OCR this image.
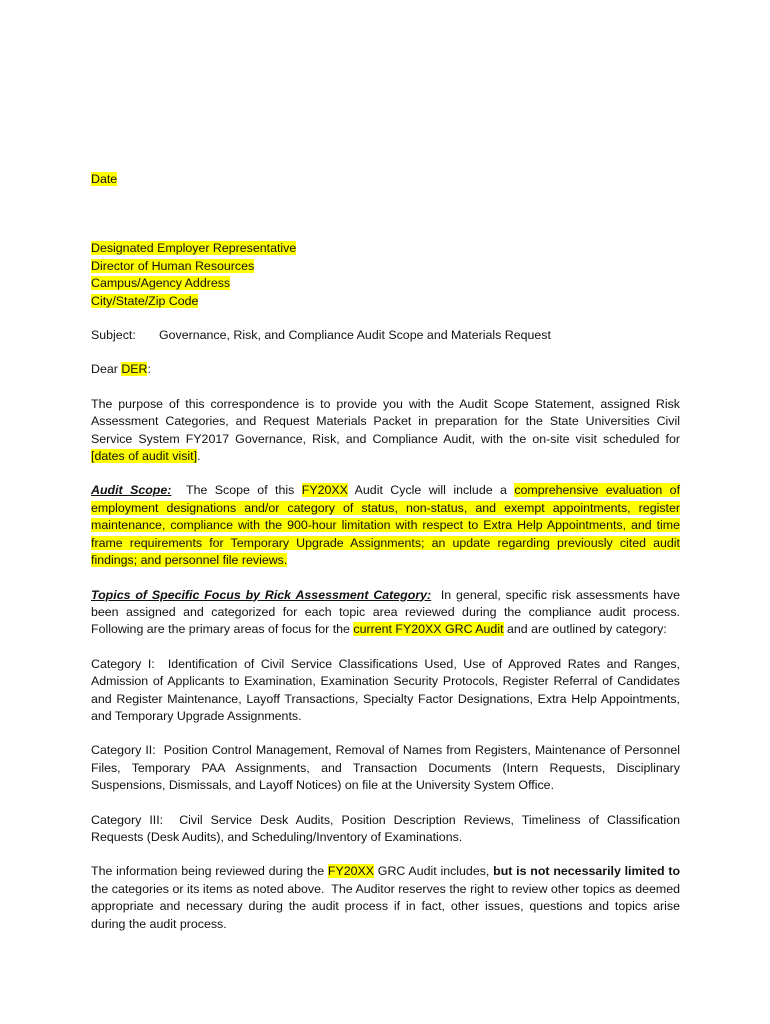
Date

Designated Employer Representative
Director of Human Resources
Campus/Agency Address
City/State/Zip Code
Subject:	Governance, Risk, and Compliance Audit Scope and Materials Request

Dear DER:

The purpose of this correspondence is to provide you with the Audit Scope Statement, assigned Risk Assessment Categories, and Request Materials Packet in preparation for the State Universities Civil Service System FY2017 Governance, Risk, and Compliance Audit, with the on-site visit scheduled for [dates of audit visit].

Audit Scope:  The Scope of this FY20XX Audit Cycle will include a comprehensive evaluation of employment designations and/or category of status, non-status, and exempt appointments, register maintenance, compliance with the 900-hour limitation with respect to Extra Help Appointments, and time frame requirements for Temporary Upgrade Assignments; an update regarding previously cited audit findings; and personnel file reviews.

Topics of Specific Focus by Rick Assessment Category:  In general, specific risk assessments have been assigned and categorized for each topic area reviewed during the compliance audit process.  Following are the primary areas of focus for the current FY20XX GRC Audit and are outlined by category:

Category I:  Identification of Civil Service Classifications Used, Use of Approved Rates and Ranges, Admission of Applicants to Examination, Examination Security Protocols, Register Referral of Candidates and Register Maintenance, Layoff Transactions, Specialty Factor Designations, Extra Help Appointments, and Temporary Upgrade Assignments.

Category II:  Position Control Management, Removal of Names from Registers, Maintenance of Personnel Files, Temporary PAA Assignments, and Transaction Documents (Intern Requests, Disciplinary Suspensions, Dismissals, and Layoff Notices) on file at the University System Office.

Category III:  Civil Service Desk Audits, Position Description Reviews, Timeliness of Classification Requests (Desk Audits), and Scheduling/Inventory of Examinations.

The information being reviewed during the FY20XX GRC Audit includes, but is not necessarily limited to the categories or its items as noted above.  The Auditor reserves the right to review other topics as deemed appropriate and necessary during the audit process if in fact, other issues, questions and topics arise during the audit process.
